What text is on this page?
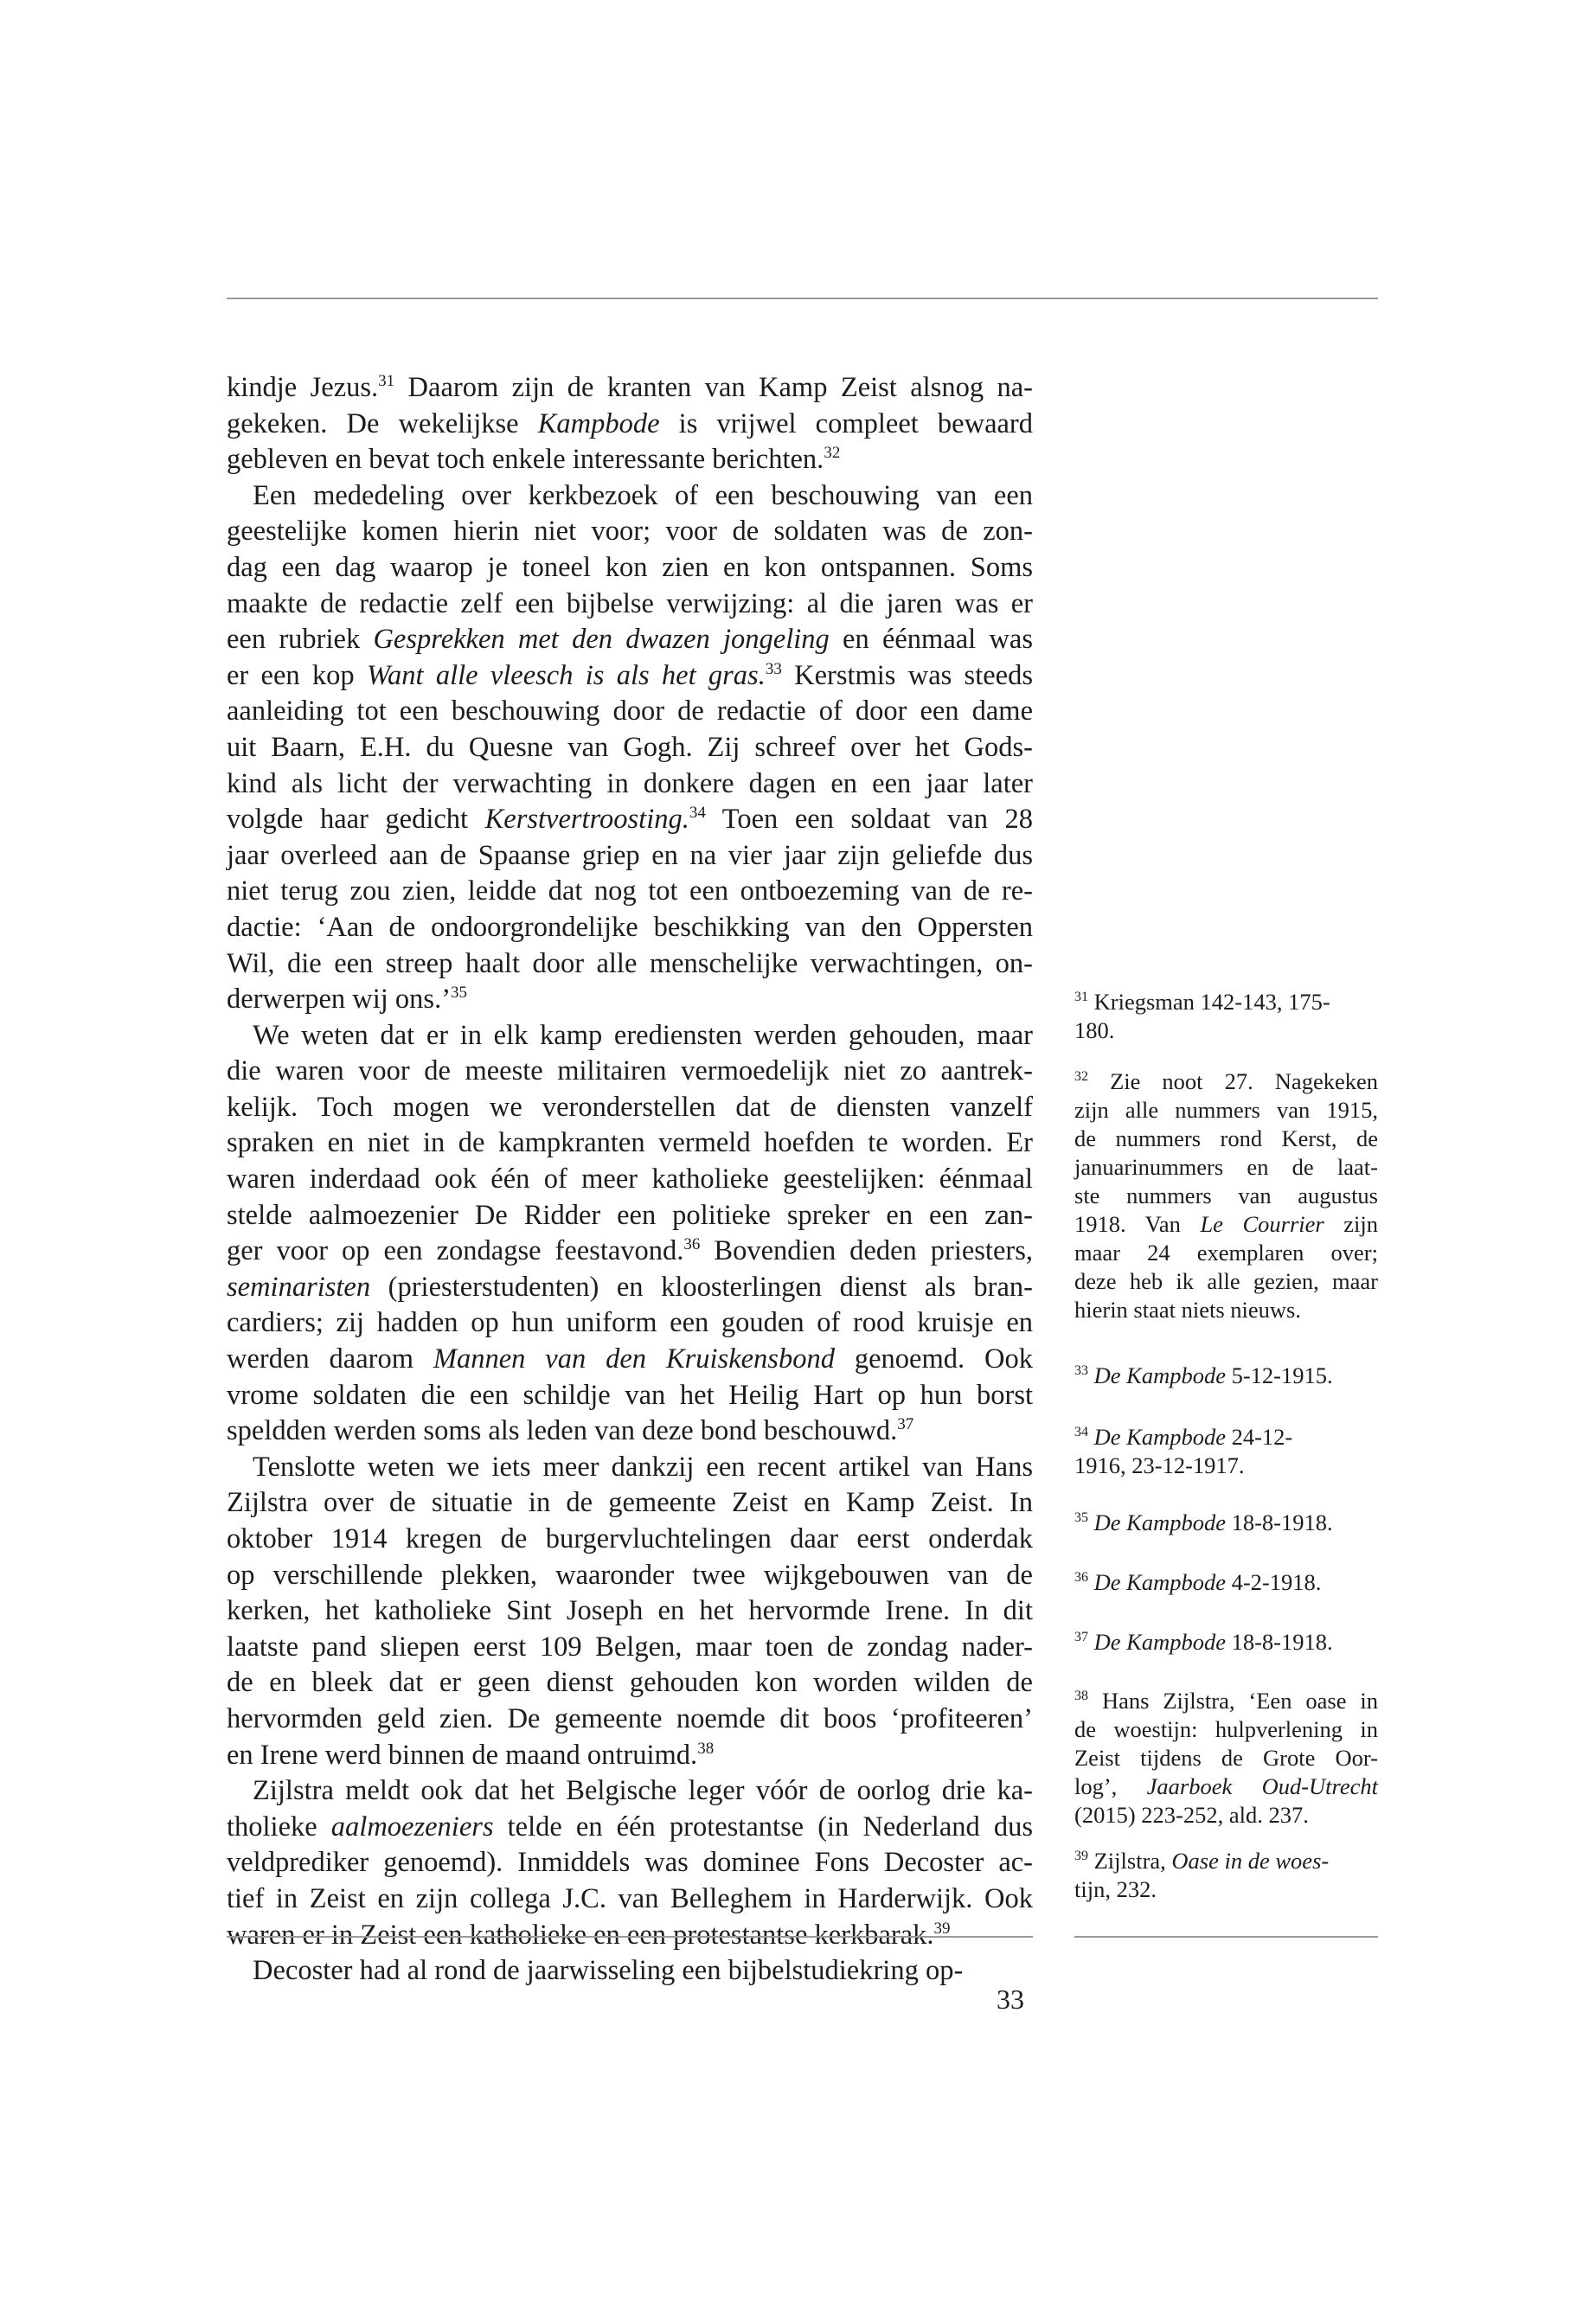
kindje Jezus.$^{31}$ Daarom zijn de kranten van Kamp Zeist alsnog na-
gekeken. De wekelijkse Kampbode is vrijwel compleet bewaard
gebleven en bevat toch enkele interessante berichten.$^{32}$
Een mededeling over kerkbezoek of een beschouwing van een
geestelijke komen hierin niet voor; voor de soldaten was de zon-
dag een dag waarop je toneel kon zien en kon ontspannen. Soms
maakte de redactie zelf een bijbelse verwijzing: al die jaren was er
een rubriek Gesprekken met den dwazen jongeling en éénmaal was
er een kop Want alle vleesch is als het gras.$^{33}$ Kerstmis was steeds
aanleiding tot een beschouwing door de redactie of door een dame
uit Baarn, E.H. du Quesne van Gogh. Zij schreef over het Gods-
kind als licht der verwachting in donkere dagen en een jaar later
volgde haar gedicht Kerstvertroosting.$^{34}$ Toen een soldaat van 28
jaar overleed aan de Spaanse griep en na vier jaar zijn geliefde dus
niet terug zou zien, leidde dat nog tot een ontboezeming van de re-
dactie: ‘Aan de ondoorgrondelijke beschikking van den Oppersten
Wil, die een streep haalt door alle menschelijke verwachtingen, on-
derwerpen wij ons.’$^{35}$
We weten dat er in elk kamp erediensten werden gehouden, maar
die waren voor de meeste militairen vermoedelijk niet zo aantrek-
kelijk. Toch mogen we veronderstellen dat de diensten vanzelf
spraken en niet in de kampkranten vermeld hoefden te worden. Er
waren inderdaad ook één of meer katholieke geestelijken: éénmaal
stelde aalmoezenier De Ridder een politieke spreker en een zan-
ger voor op een zondagse feestavond.$^{36}$ Bovendien deden priesters,
seminaristen (priesterstudenten) en kloosterlingen dienst als bran-
cardiers; zij hadden op hun uniform een gouden of rood kruisje en
werden daarom Mannen van den Kruiskensbond genoemd. Ook
vrome soldaten die een schildje van het Heilig Hart op hun borst
speldden werden soms als leden van deze bond beschouwd.$^{37}$
Tenslotte weten we iets meer dankzij een recent artikel van Hans
Zijlstra over de situatie in de gemeente Zeist en Kamp Zeist. In
oktober 1914 kregen de burgervluchtelingen daar eerst onderdak
op verschillende plekken, waaronder twee wijkgebouwen van de
kerken, het katholieke Sint Joseph en het hervormde Irene. In dit
laatste pand sliepen eerst 109 Belgen, maar toen de zondag nader-
de en bleek dat er geen dienst gehouden kon worden wilden de
hervormden geld zien. De gemeente noemde dit boos ‘profiteeren’
en Irene werd binnen de maand ontruimd.$^{38}$
Zijlstra meldt ook dat het Belgische leger vóór de oorlog drie ka-
tholieke aalmoezeniers telde en één protestantse (in Nederland dus
veldprediker genoemd). Inmiddels was dominee Fons Decoster ac-
tief in Zeist en zijn collega J.C. van Belleghem in Harderwijk. Ook
waren er in Zeist een katholieke en een protestantse kerkbarak.$^{39}$
Decoster had al rond de jaarwisseling een bijbelstudiekring op-
$^{31}$ Kriegsman 142-143, 175-
180.
$^{32}$ Zie noot 27. Nagekeken
zijn alle nummers van 1915,
de nummers rond Kerst, de
januarinummers en de laat-
ste nummers van augustus
1918. Van Le Courrier zijn
maar 24 exemplaren over;
deze heb ik alle gezien, maar
hierin staat niets nieuws.
$^{33}$ De Kampbode 5-12-1915.
$^{34}$ De Kampbode 24-12-
1916, 23-12-1917.
$^{35}$ De Kampbode 18-8-1918.
$^{36}$ De Kampbode 4-2-1918.
$^{37}$ De Kampbode 18-8-1918.
$^{38}$ Hans Zijlstra, ‘Een oase in
de woestijn: hulpverlening in
Zeist tijdens de Grote Oor-
log’, Jaarboek Oud-Utrecht
(2015) 223-252, ald. 237.
$^{39}$ Zijlstra, Oase in de woes-
tijn, 232.
33
